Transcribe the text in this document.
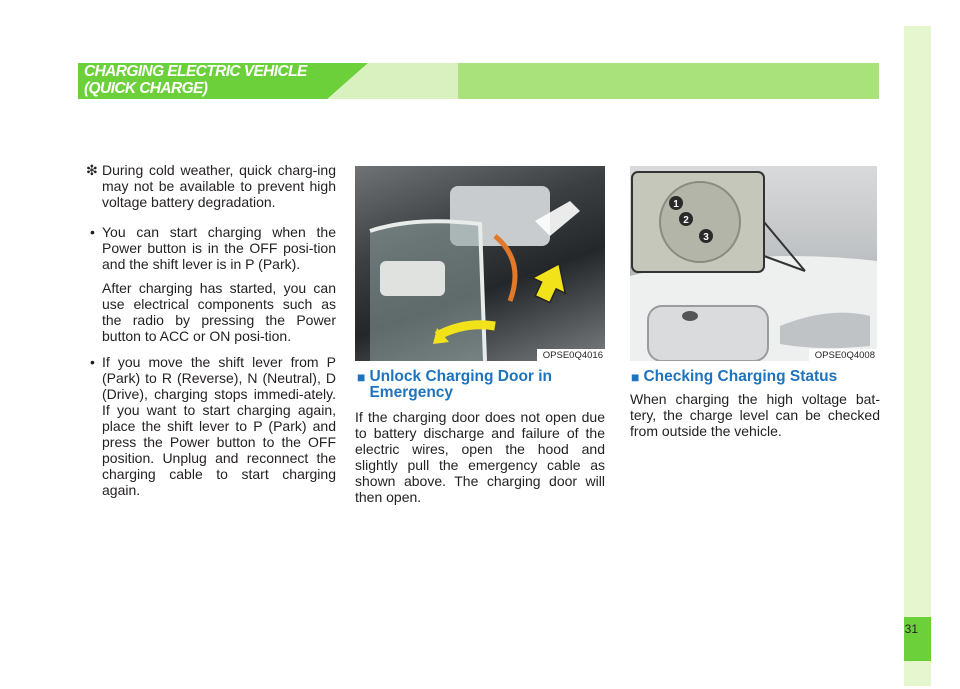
31
CHARGING ELECTRIC VEHICLE
(QUICK CHARGE)
❇ During cold weather, quick charg-ing may not be available to prevent high voltage battery degradation.
• You can start charging when the Power button is in the OFF posi-tion and the shift lever is in P (Park).

After charging has started, you can use electrical components such as the radio by pressing the Power button to ACC or ON posi-tion.

• If you move the shift lever from P (Park) to R (Reverse), N (Neutral), D (Drive), charging stops immedi-ately. If you want to start charging again, place the shift lever to P (Park) and press the Power button to the OFF position. Unplug and reconnect the charging cable to start charging again.

OPSE0Q4016
1
2
3
OPSE0Q4008
■ Unlock Charging Door in Emergency

If the charging door does not open due to battery discharge and failure of the electric wires, open the hood and slightly pull the emergency cable as shown above. The charging door will then open.

■ Checking Charging Status

When charging the high voltage bat-tery, the charge level can be checked from outside the vehicle.
